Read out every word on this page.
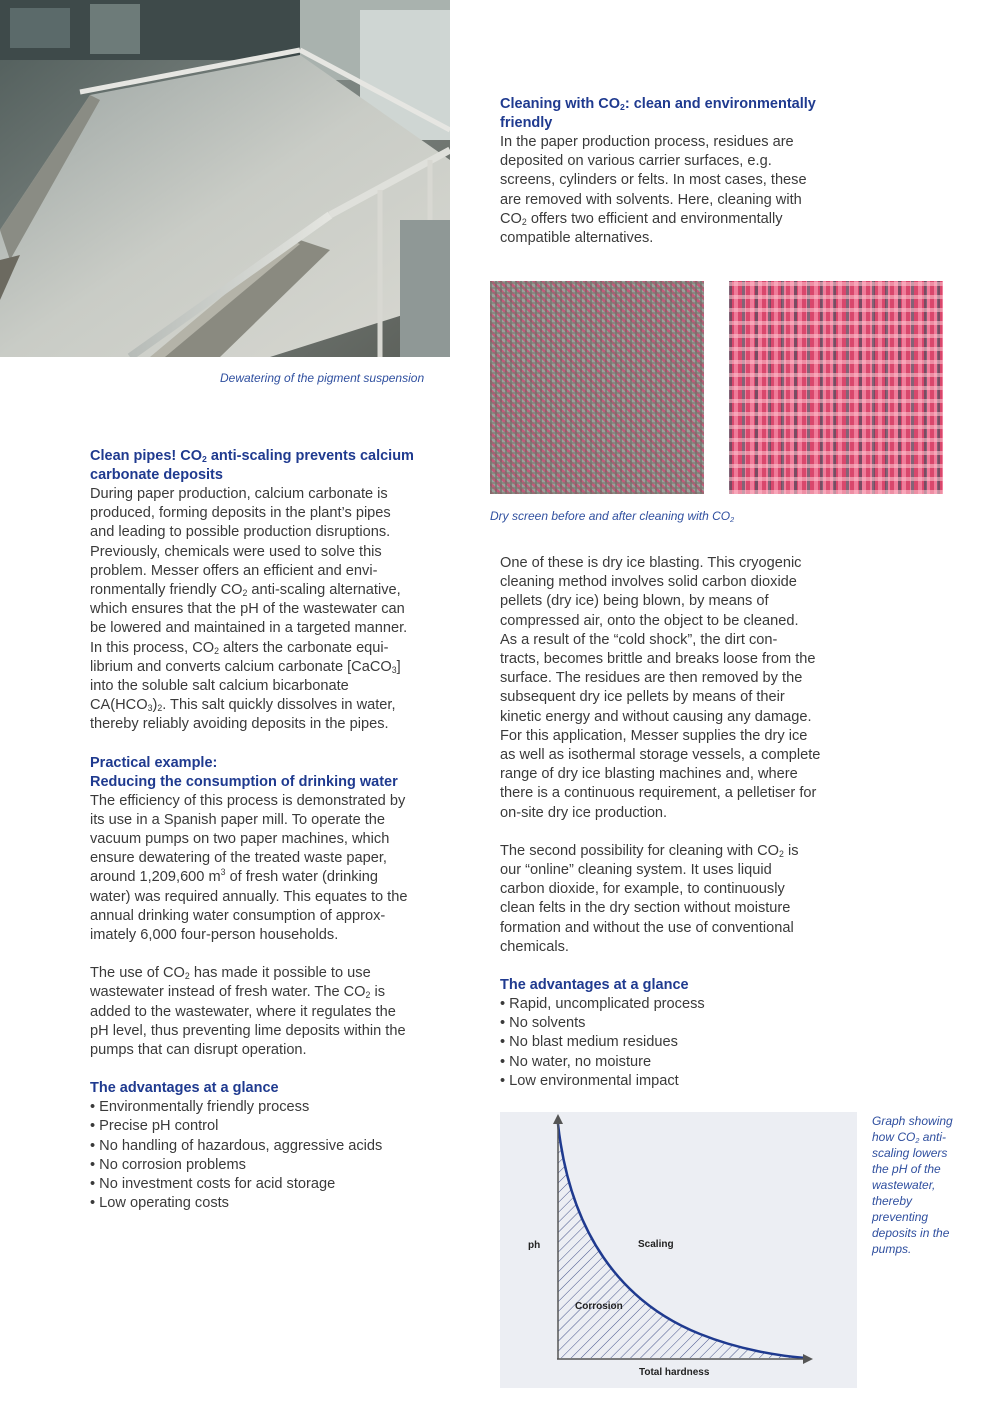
Dewatering of the pigment suspension
Cleaning with $CO_2$: clean and environmentally
friendly
In the paper production process, residues are
deposited on various carrier surfaces, e.g.
screens, cylinders or felts. In most cases, these
are removed with solvents. Here, cleaning with
$CO_2$ offers two efficient and environmentally
compatible alternatives.
Dry screen before and after cleaning with $CO_2$
Clean pipes! $CO_2$ anti-scaling prevents calcium
carbonate deposits
During paper production, calcium carbonate is
produced, forming deposits in the plant’s pipes
and leading to possible production disruptions.
Previously, chemicals were used to solve this
problem. Messer offers an efficient and envi-
ronmentally friendly $CO_2$ anti-scaling alternative,
which ensures that the pH of the wastewater can
be lowered and maintained in a targeted manner.
In this process, $CO_2$ alters the carbonate equi-
librium and converts calcium carbonate [CaCO$_3$]
into the soluble salt calcium bicarbonate
$CA(HCO_3)_2$. This salt quickly dissolves in water,
thereby reliably avoiding deposits in the pipes.
Practical example:
Reducing the consumption of drinking water
The efficiency of this process is demonstrated by
its use in a Spanish paper mill. To operate the
vacuum pumps on two paper machines, which
ensure dewatering of the treated waste paper,
around 1,209,600 $m^3$ of fresh water (drinking
water) was required annually. This equates to the
annual drinking water consumption of approx-
imately 6,000 four-person households.
The use of $CO_2$ has made it possible to use
wastewater instead of fresh water. The $CO_2$ is
added to the wastewater, where it regulates the
pH level, thus preventing lime deposits within the
pumps that can disrupt operation.
The advantages at a glance
• Environmentally friendly process
• Precise pH control
• No handling of hazardous, aggressive acids
• No corrosion problems
• No investment costs for acid storage
• Low operating costs
One of these is dry ice blasting. This cryogenic
cleaning method involves solid carbon dioxide
pellets (dry ice) being blown, by means of
compressed air, onto the object to be cleaned.
As a result of the “cold shock”, the dirt con-
tracts, becomes brittle and breaks loose from the
surface. The residues are then removed by the
subsequent dry ice pellets by means of their
kinetic energy and without causing any damage.
For this application, Messer supplies the dry ice
as well as isothermal storage vessels, a complete
range of dry ice blasting machines and, where
there is a continuous requirement, a pelletiser for
on-site dry ice production.
The second possibility for cleaning with $CO_2$ is
our “online” cleaning system. It uses liquid
carbon dioxide, for example, to continuously
clean felts in the dry section without moisture
formation and without the use of conventional
chemicals.
The advantages at a glance
• Rapid, uncomplicated process
• No solvents
• No blast medium residues
• No water, no moisture
• Low environmental impact
ph	Scaling
Corrosion
Total hardness
Graph showing
how $CO_2$ anti-
scaling lowers
the pH of the
wastewater,
thereby
preventing
deposits in the
pumps.
